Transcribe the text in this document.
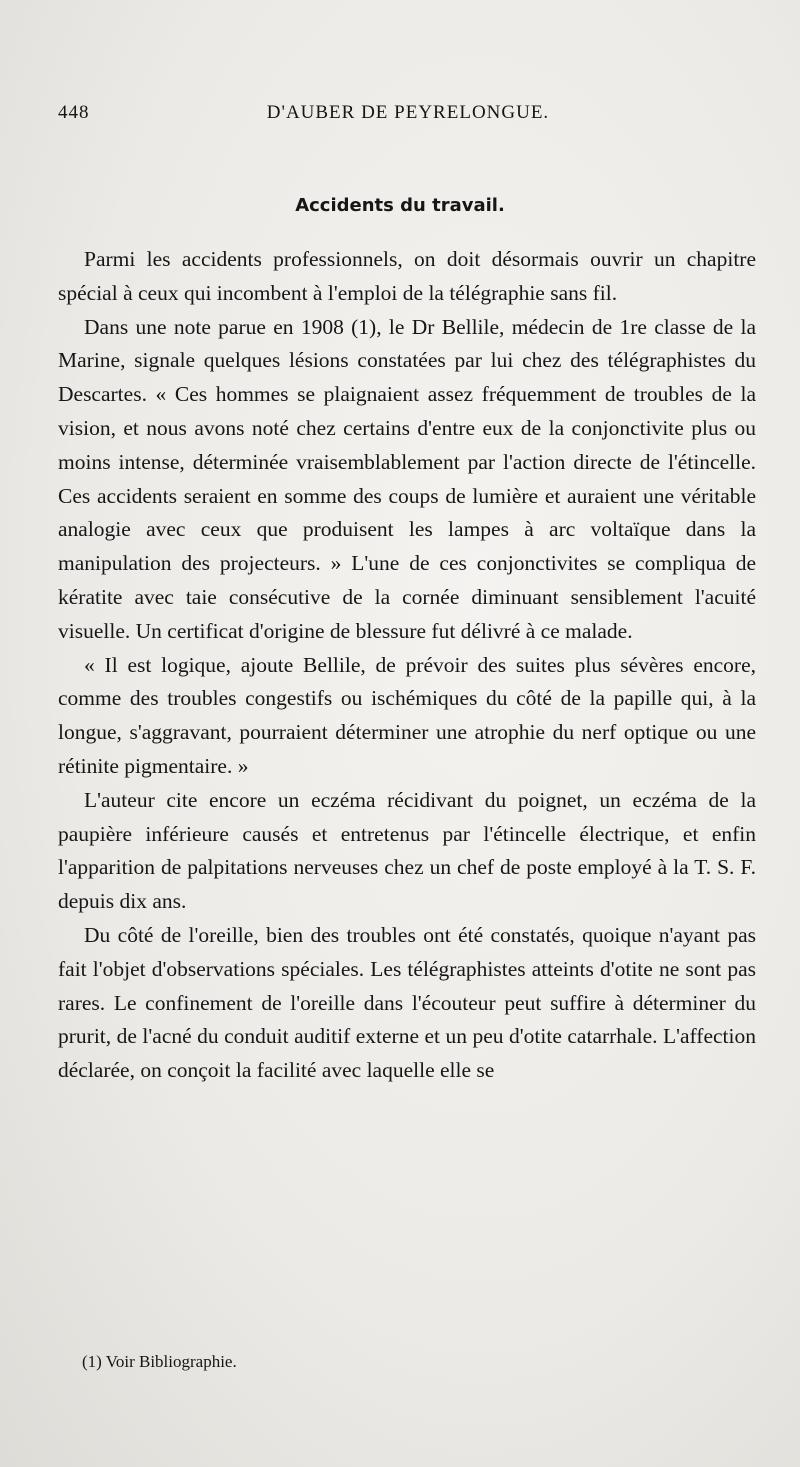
448	D'AUBER DE PEYRELONGUE.
Accidents du travail.

Parmi les accidents professionnels, on doit désormais ouvrir un chapitre spécial à ceux qui incombent à l'emploi de la télégraphie sans fil.

Dans une note parue en 1908 (1), le Dr Bellile, médecin de 1re classe de la Marine, signale quelques lésions constatées par lui chez des télégraphistes du Descartes. « Ces hommes se plaignaient assez fréquemment de troubles de la vision, et nous avons noté chez certains d'entre eux de la conjonctivite plus ou moins intense, déterminée vraisemblablement par l'action directe de l'étincelle. Ces accidents seraient en somme des coups de lumière et auraient une véritable analogie avec ceux que produisent les lampes à arc voltaïque dans la manipulation des projecteurs. » L'une de ces conjonctivites se compliqua de kératite avec taie consécutive de la cornée diminuant sensiblement l'acuité visuelle. Un certificat d'origine de blessure fut délivré à ce malade.

« Il est logique, ajoute Bellile, de prévoir des suites plus sévères encore, comme des troubles congestifs ou ischémiques du côté de la papille qui, à la longue, s'aggravant, pourraient déterminer une atrophie du nerf optique ou une rétinite pigmentaire. »

L'auteur cite encore un eczéma récidivant du poignet, un eczéma de la paupière inférieure causés et entretenus par l'étincelle électrique, et enfin l'apparition de palpitations nerveuses chez un chef de poste employé à la T. S. F. depuis dix ans.

Du côté de l'oreille, bien des troubles ont été constatés, quoique n'ayant pas fait l'objet d'observations spéciales. Les télégraphistes atteints d'otite ne sont pas rares. Le confinement de l'oreille dans l'écouteur peut suffire à déterminer du prurit, de l'acné du conduit auditif externe et un peu d'otite catarrhale. L'affection déclarée, on conçoit la facilité avec laquelle elle se

(1) Voir Bibliographie.
